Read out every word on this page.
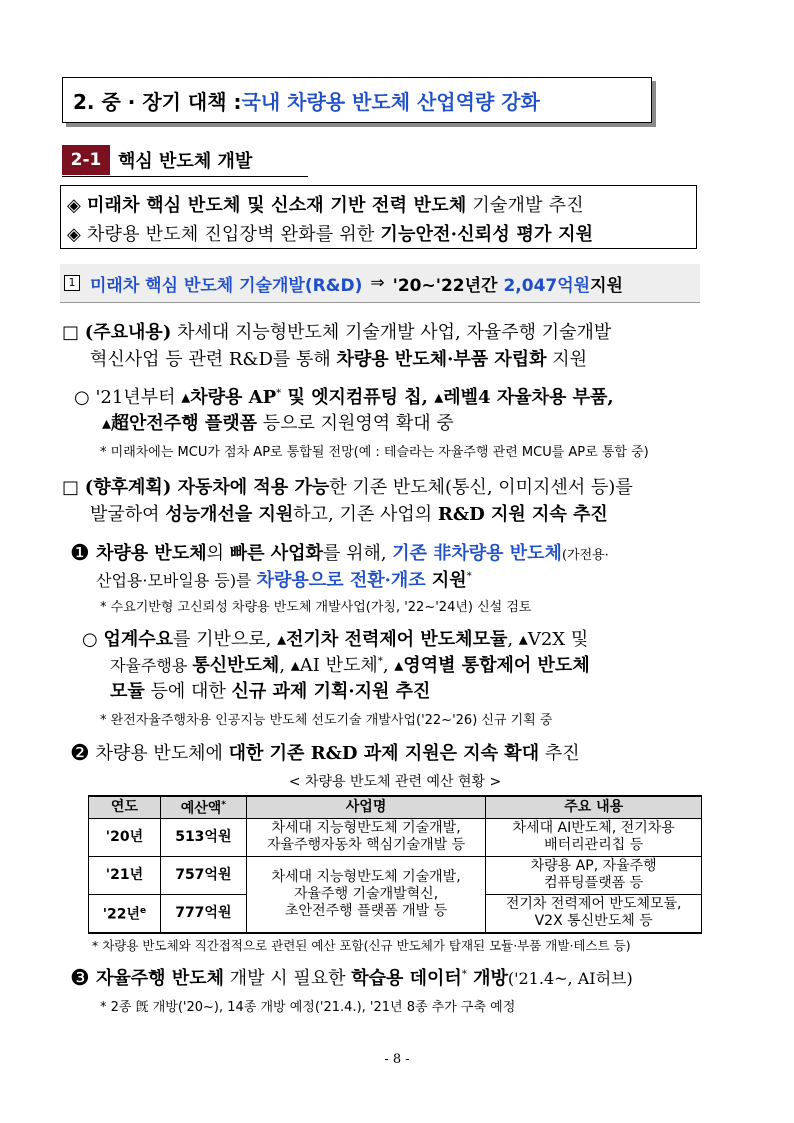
2. 중 · 장기 대책 : 국내 차량용 반도체 산업역량 강화
2-1 핵심 반도체 개발
◈ 미래차 핵심 반도체 및 신소재 기반 전력 반도체 기술개발 추진
◈ 차량용 반도체 진입장벽 완화를 위한 기능안전·신뢰성 평가 지원
1 미래차 핵심 반도체 기술개발(R&D) ⇒ '20~'22년간 2,047억원 지원
□ (주요내용) 차세대 지능형반도체 기술개발 사업, 자율주행 기술개발
혁신사업 등 관련 R&D를 통해 차량용 반도체·부품 자립화 지원
○ '21년부터 ▴차량용 AP* 및 엣지컴퓨팅 칩, ▴레벨4 자율차용 부품,
▴超안전주행 플랫폼 등으로 지원영역 확대 중
* 미래차에는 MCU가 점차 AP로 통합될 전망(예 : 테슬라는 자율주행 관련 MCU를 AP로 통합 중)
□ (향후계획) 자동차에 적용 가능한 기존 반도체(통신, 이미지센서 등)를
발굴하여 성능개선을 지원하고, 기존 사업의 R&D 지원 지속 추진
❶ 차량용 반도체의 빠른 사업화를 위해, 기존 非차량용 반도체(가전용·
산업용·모바일용 등)를 차량용으로 전환·개조 지원*
* 수요기반형 고신뢰성 차량용 반도체 개발사업(가칭, '22~'24년) 신설 검토
○ 업계수요를 기반으로, ▴전기차 전력제어 반도체모듈, ▴V2X 및
자율주행용 통신반도체, ▴AI 반도체*, ▴영역별 통합제어 반도체
모듈 등에 대한 신규 과제 기획·지원 추진
* 완전자율주행차용 인공지능 반도체 선도기술 개발사업('22~'26) 신규 기획 중
❷ 차량용 반도체에 대한 기존 R&D 과제 지원은 지속 확대 추진
< 차량용 반도체 관련 예산 현황 >
연도	예산액*	사업명	주요 내용
'20년	513억원	차세대 지능형반도체 기술개발,
자율주행자동차 핵심기술개발 등	차세대 AI반도체, 전기차용
배터리관리칩 등
'21년	757억원	차세대 지능형반도체 기술개발,
자율주행 기술개발혁신,
초안전주행 플랫폼 개발 등	차량용 AP, 자율주행
컴퓨팅플랫폼 등
'22년$^e$	777억원		전기차 전력제어 반도체모듈,
V2X 통신반도체 등
* 차량용 반도체와 직간접적으로 관련된 예산 포함(신규 반도체가 탑재된 모듈·부품 개발·테스트 등)
❸ 자율주행 반도체 개발 시 필요한 학습용 데이터* 개방('21.4~, AI허브)
* 2종 旣 개방('20~), 14종 개방 예정('21.4.), '21년 8종 추가 구축 예정
- 8 -
